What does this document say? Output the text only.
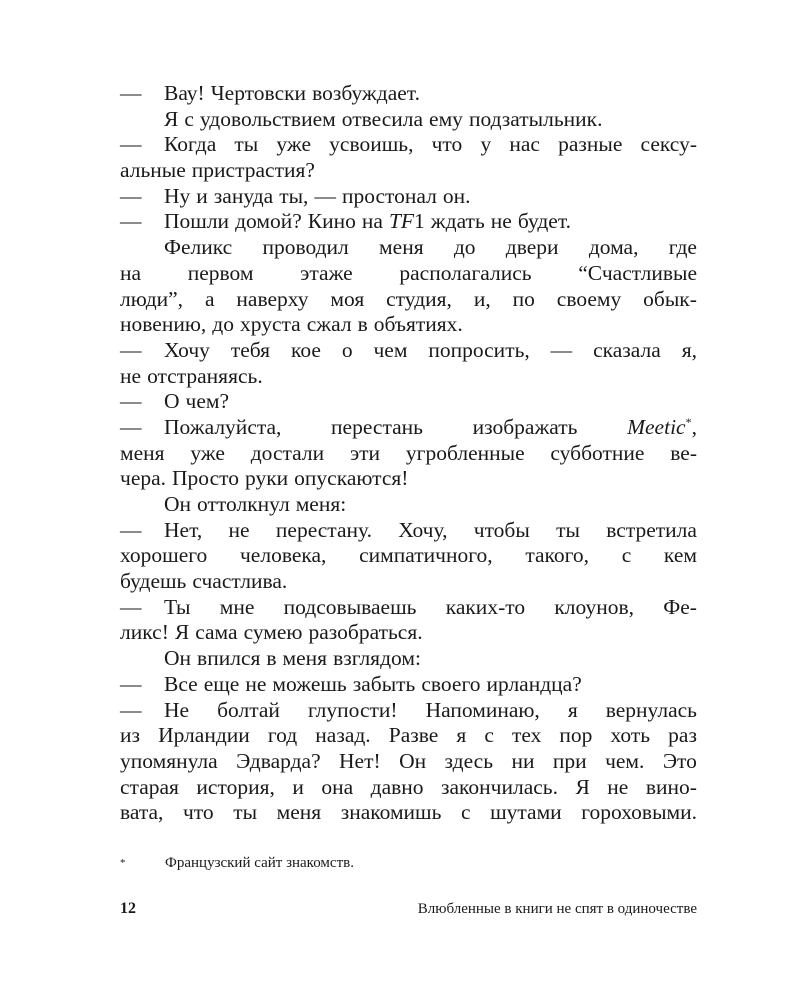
—	Вау! Чертовски возбуждает.
Я с удовольствием отвесила ему подзатыльник.
—	Когда ты уже усвоишь, что у нас разные сексу-
альные пристрастия?
—	Ну и зануда ты, — простонал он.
—	Пошли домой? Кино на TF1 ждать не будет.
Феликс проводил меня до двери дома, где
на первом этаже располагались “Счастливые
люди”, а наверху моя студия, и, по своему обык-
новению, до хруста сжал в объятиях.
—	Хочу тебя кое о чем попросить, — сказала я,
не отстраняясь.
—	О чем?
—	Пожалуйста, перестань изображать Meetic*,
меня уже достали эти угробленные субботние ве-
чера. Просто руки опускаются!
Он оттолкнул меня:
—	Нет, не перестану. Хочу, чтобы ты встретила
хорошего человека, симпатичного, такого, с кем
будешь счастлива.
—	Ты мне подсовываешь каких-то клоунов, Фе-
ликс! Я сама сумею разобраться.
Он впился в меня взглядом:
—	Все еще не можешь забыть своего ирландца?
—	Не болтай глупости! Напоминаю, я вернулась
из Ирландии год назад. Разве я с тех пор хоть раз
упомянула Эдварда? Нет! Он здесь ни при чем. Это
старая история, и она давно закончилась. Я не вино-
вата, что ты меня знакомишь с шутами гороховыми.
*	Французский сайт знакомств.
12	Влюбленные в книги не спят в одиночестве
